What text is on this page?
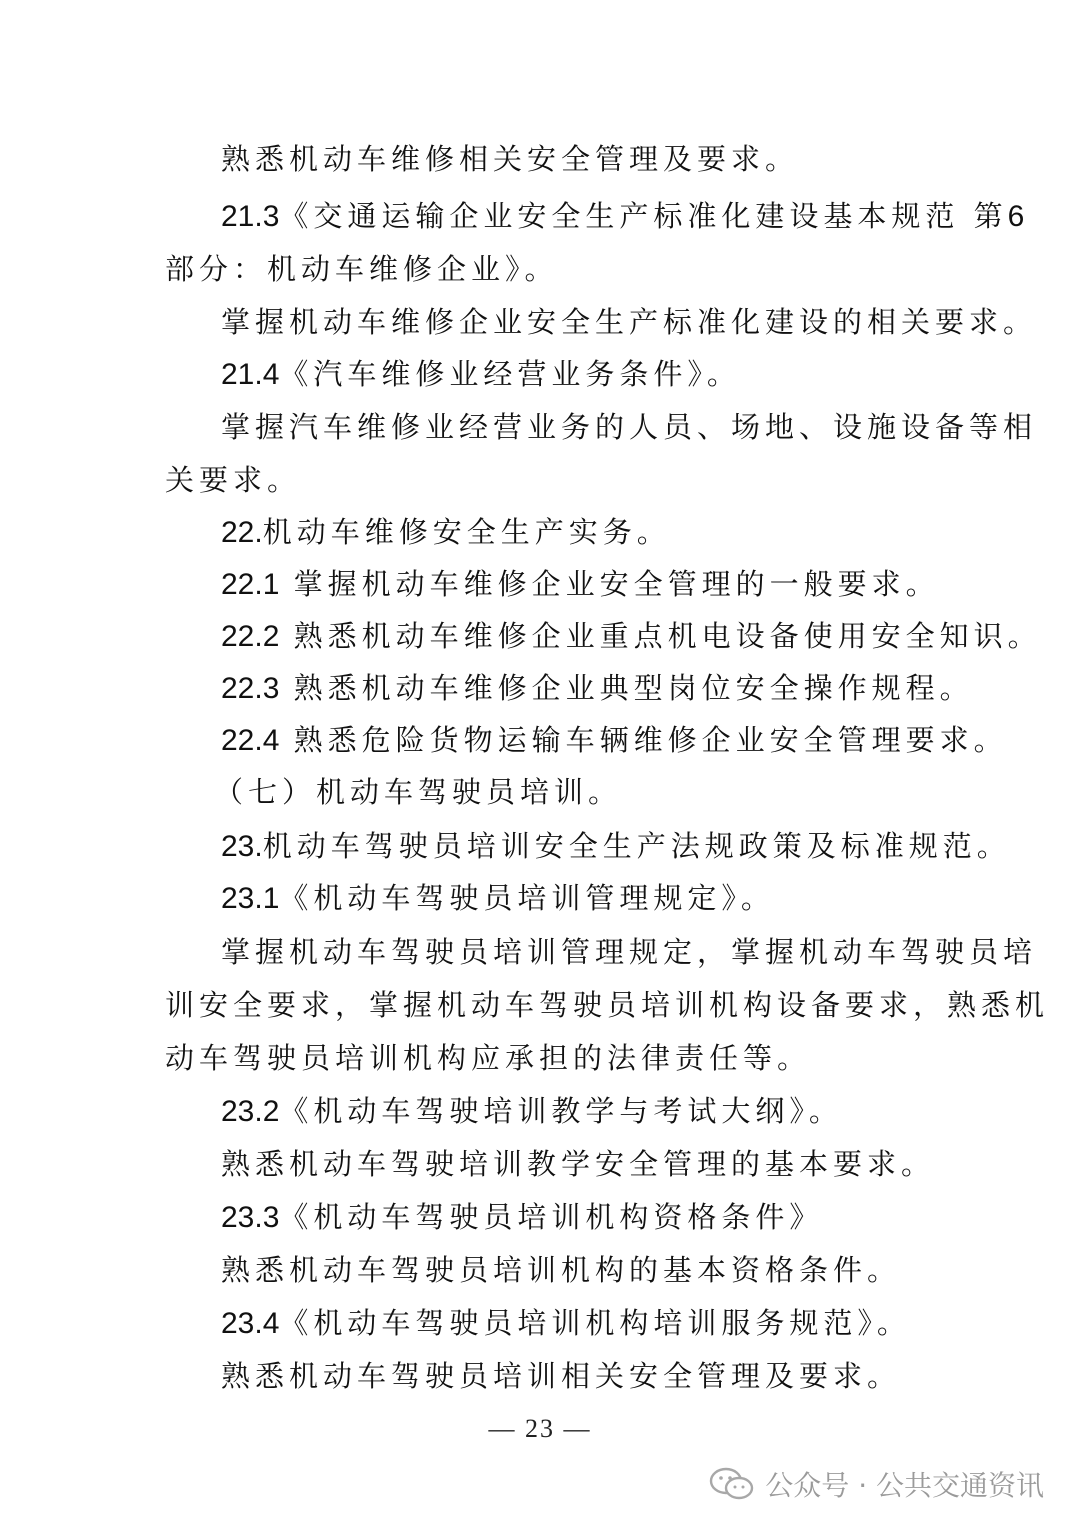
熟悉机动车维修相关安全管理及要求。
21.3《交通运输企业安全生产标准化建设基本规范 第6
部分：机动车维修企业》。
掌握机动车维修企业安全生产标准化建设的相关要求。
21.4《汽车维修业经营业务条件》。
掌握汽车维修业经营业务的人员、场地、设施设备等相
关要求。
22.机动车维修安全生产实务。
22.1 掌握机动车维修企业安全管理的一般要求。
22.2 熟悉机动车维修企业重点机电设备使用安全知识。
22.3 熟悉机动车维修企业典型岗位安全操作规程。
22.4 熟悉危险货物运输车辆维修企业安全管理要求。
（七）机动车驾驶员培训。
23.机动车驾驶员培训安全生产法规政策及标准规范。
23.1《机动车驾驶员培训管理规定》。
掌握机动车驾驶员培训管理规定，掌握机动车驾驶员培
训安全要求，掌握机动车驾驶员培训机构设备要求，熟悉机
动车驾驶员培训机构应承担的法律责任等。
23.2《机动车驾驶培训教学与考试大纲》。
熟悉机动车驾驶培训教学安全管理的基本要求。
23.3《机动车驾驶员培训机构资格条件》
熟悉机动车驾驶员培训机构的基本资格条件。
23.4《机动车驾驶员培训机构培训服务规范》。
熟悉机动车驾驶员培训相关安全管理及要求。
— 23 —
公众号 · 公共交通资讯
